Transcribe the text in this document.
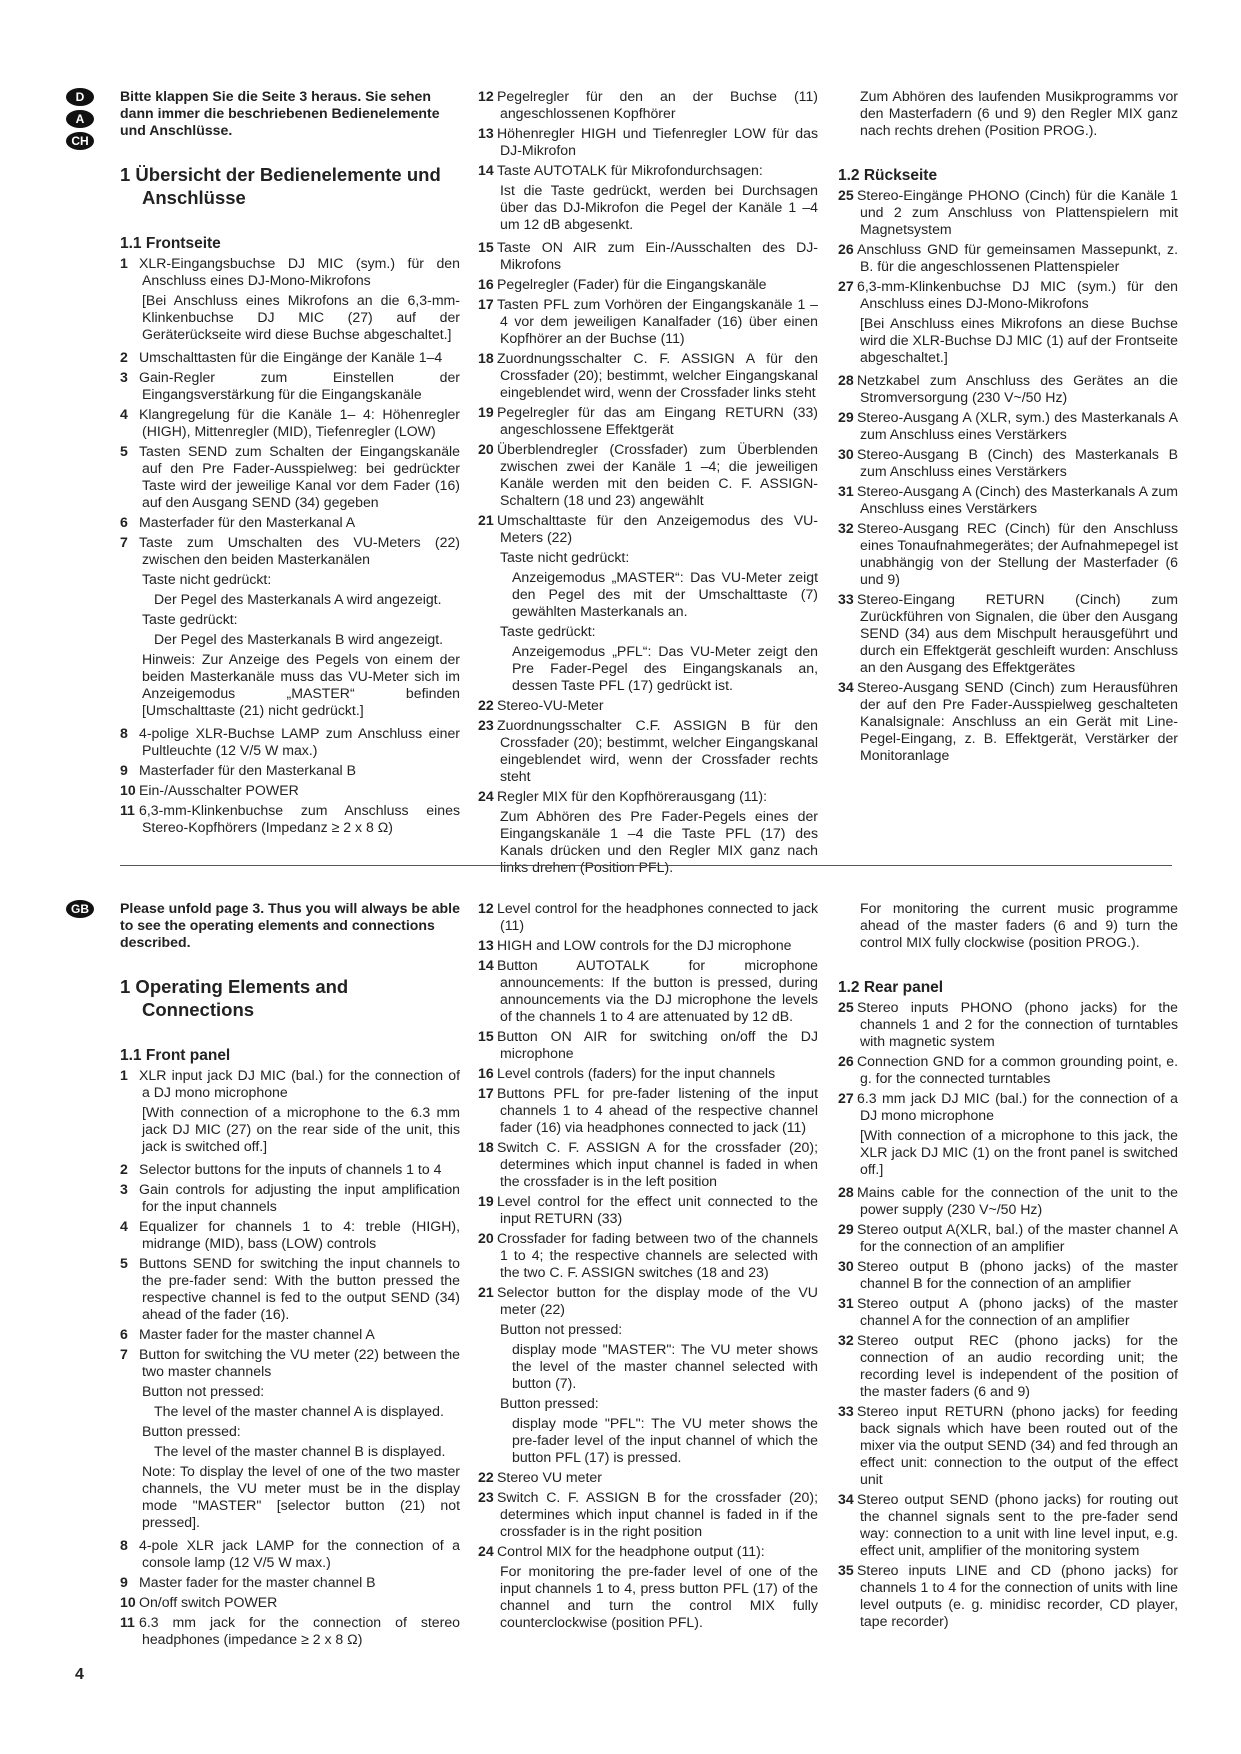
D
A
CH
GB

Bitte klappen Sie die Seite 3 heraus. Sie sehen dann immer die beschriebenen Bedienelemente und Anschlüsse.

1 Übersicht der Bedienelemente und Anschlüsse
1.1 Frontseite
1 XLR-Eingangsbuchse DJ MIC (sym.) für den Anschluss eines DJ-Mono-Mikrofons
[Bei Anschluss eines Mikrofons an die 6,3-mm-Klinkenbuchse DJ MIC (27) auf der Geräterückseite wird diese Buchse abgeschaltet.]
2 Umschalttasten für die Eingänge der Kanäle 1–4
3 Gain-Regler zum Einstellen der Eingangsverstärkung für die Eingangskanäle
4 Klangregelung für die Kanäle 1– 4: Höhenregler (HIGH), Mittenregler (MID), Tiefenregler (LOW)
5 Tasten SEND zum Schalten der Eingangskanäle auf den Pre Fader-Ausspielweg: bei gedrückter Taste wird der jeweilige Kanal vor dem Fader (16) auf den Ausgang SEND (34) gegeben
6 Masterfader für den Masterkanal A
7 Taste zum Umschalten des VU-Meters (22) zwischen den beiden Masterkanälen
Taste nicht gedrückt:
Der Pegel des Masterkanals A wird angezeigt.
Taste gedrückt:
Der Pegel des Masterkanals B wird angezeigt.
Hinweis: Zur Anzeige des Pegels von einem der beiden Masterkanäle muss das VU-Meter sich im Anzeigemodus „MASTER“ befinden [Umschalttaste (21) nicht gedrückt.]
8 4-polige XLR-Buchse LAMP zum Anschluss einer Pultleuchte (12 V/5 W max.)
9 Masterfader für den Masterkanal B
10 Ein-/Ausschalter POWER
11 6,3-mm-Klinkenbuchse zum Anschluss eines Stereo-Kopfhörers (Impedanz ≥ 2 x 8 Ω)
12 Pegelregler für den an der Buchse (11) angeschlossenen Kopfhörer
13 Höhenregler HIGH und Tiefenregler LOW für das DJ-Mikrofon
14 Taste AUTOTALK für Mikrofondurchsagen:
Ist die Taste gedrückt, werden bei Durchsagen über das DJ-Mikrofon die Pegel der Kanäle 1 –4 um 12 dB abgesenkt.
15 Taste ON AIR zum Ein-/Ausschalten des DJ-Mikrofons
16 Pegelregler (Fader) für die Eingangskanäle
17 Tasten PFL zum Vorhören der Eingangskanäle 1 –4 vor dem jeweiligen Kanalfader (16) über einen Kopfhörer an der Buchse (11)
18 Zuordnungsschalter C. F. ASSIGN A für den Crossfader (20); bestimmt, welcher Eingangskanal eingeblendet wird, wenn der Crossfader links steht
19 Pegelregler für das am Eingang RETURN (33) angeschlossene Effektgerät
20 Überblendregler (Crossfader) zum Überblenden zwischen zwei der Kanäle 1 –4; die jeweiligen Kanäle werden mit den beiden C. F. ASSIGN-Schaltern (18 und 23) angewählt
21 Umschalttaste für den Anzeigemodus des VU-Meters (22)
Taste nicht gedrückt:
Anzeigemodus „MASTER“: Das VU-Meter zeigt den Pegel des mit der Umschalttaste (7) gewählten Masterkanals an.
Taste gedrückt:
Anzeigemodus „PFL“: Das VU-Meter zeigt den Pre Fader-Pegel des Eingangskanals an, dessen Taste PFL (17) gedrückt ist.
22 Stereo-VU-Meter
23 Zuordnungsschalter C.F. ASSIGN B für den Crossfader (20); bestimmt, welcher Eingangskanal eingeblendet wird, wenn der Crossfader rechts steht
24 Regler MIX für den Kopfhörerausgang (11):
Zum Abhören des Pre Fader-Pegels eines der Eingangskanäle 1 –4 die Taste PFL (17) des Kanals drücken und den Regler MIX ganz nach links drehen (Position PFL).
Zum Abhören des laufenden Musikprogramms vor den Masterfadern (6 und 9) den Regler MIX ganz nach rechts drehen (Position PROG.).
1.2 Rückseite
25 Stereo-Eingänge PHONO (Cinch) für die Kanäle 1 und 2 zum Anschluss von Plattenspielern mit Magnetsystem
26 Anschluss GND für gemeinsamen Massepunkt, z. B. für die angeschlossenen Plattenspieler
27 6,3-mm-Klinkenbuchse DJ MIC (sym.) für den Anschluss eines DJ-Mono-Mikrofons
[Bei Anschluss eines Mikrofons an diese Buchse wird die XLR-Buchse DJ MIC (1) auf der Frontseite abgeschaltet.]
28 Netzkabel zum Anschluss des Gerätes an die Stromversorgung (230 V~/50 Hz)
29 Stereo-Ausgang A (XLR, sym.) des Masterkanals A zum Anschluss eines Verstärkers
30 Stereo-Ausgang B (Cinch) des Masterkanals B zum Anschluss eines Verstärkers
31 Stereo-Ausgang A (Cinch) des Masterkanals A zum Anschluss eines Verstärkers
32 Stereo-Ausgang REC (Cinch) für den Anschluss eines Tonaufnahmegerätes; der Aufnahmepegel ist unabhängig von der Stellung der Masterfader (6 und 9)
33 Stereo-Eingang RETURN (Cinch) zum Zurückführen von Signalen, die über den Ausgang SEND (34) aus dem Mischpult herausgeführt und durch ein Effektgerät geschleift wurden: Anschluss an den Ausgang des Effektgerätes
34 Stereo-Ausgang SEND (Cinch) zum Herausführen der auf den Pre Fader-Ausspielweg geschalteten Kanalsignale: Anschluss an ein Gerät mit Line-Pegel-Eingang, z. B. Effektgerät, Verstärker der Monitoranlage

Please unfold page 3. Thus you will always be able to see the operating elements and connections described.

1 Operating Elements and Connections
1.1 Front panel
1 XLR input jack DJ MIC (bal.) for the connection of a DJ mono microphone
[With connection of a microphone to the 6.3 mm jack DJ MIC (27) on the rear side of the unit, this jack is switched off.]
2 Selector buttons for the inputs of channels 1 to 4
3 Gain controls for adjusting the input amplification for the input channels
4 Equalizer for channels 1 to 4: treble (HIGH), midrange (MID), bass (LOW) controls
5 Buttons SEND for switching the input channels to the pre-fader send: With the button pressed the respective channel is fed to the output SEND (34) ahead of the fader (16).
6 Master fader for the master channel A
7 Button for switching the VU meter (22) between the two master channels
Button not pressed:
The level of the master channel A is displayed.
Button pressed:
The level of the master channel B is displayed.
Note: To display the level of one of the two master channels, the VU meter must be in the display mode "MASTER" [selector button (21) not pressed].
8 4-pole XLR jack LAMP for the connection of a console lamp (12 V/5 W max.)
9 Master fader for the master channel B
10 On/off switch POWER
11 6.3 mm jack for the connection of stereo headphones (impedance ≥ 2 x 8 Ω)
12 Level control for the headphones connected to jack (11)
13 HIGH and LOW controls for the DJ microphone
14 Button AUTOTALK for microphone announcements: If the button is pressed, during announcements via the DJ microphone the levels of the channels 1 to 4 are attenuated by 12 dB.
15 Button ON AIR for switching on/off the DJ microphone
16 Level controls (faders) for the input channels
17 Buttons PFL for pre-fader listening of the input channels 1 to 4 ahead of the respective channel fader (16) via headphones connected to jack (11)
18 Switch C. F. ASSIGN A for the crossfader (20); determines which input channel is faded in when the crossfader is in the left position
19 Level control for the effect unit connected to the input RETURN (33)
20 Crossfader for fading between two of the channels 1 to 4; the respective channels are selected with the two C. F. ASSIGN switches (18 and 23)
21 Selector button for the display mode of the VU meter (22)
Button not pressed:
display mode "MASTER": The VU meter shows the level of the master channel selected with button (7).
Button pressed:
display mode "PFL": The VU meter shows the pre-fader level of the input channel of which the button PFL (17) is pressed.
22 Stereo VU meter
23 Switch C. F. ASSIGN B for the crossfader (20); determines which input channel is faded in if the crossfader is in the right position
24 Control MIX for the headphone output (11):
For monitoring the pre-fader level of one of the input channels 1 to 4, press button PFL (17) of the channel and turn the control MIX fully counterclockwise (position PFL).
For monitoring the current music programme ahead of the master faders (6 and 9) turn the control MIX fully clockwise (position PROG.).
1.2 Rear panel
25 Stereo inputs PHONO (phono jacks) for the channels 1 and 2 for the connection of turntables with magnetic system
26 Connection GND for a common grounding point, e. g. for the connected turntables
27 6.3 mm jack DJ MIC (bal.) for the connection of a DJ mono microphone
[With connection of a microphone to this jack, the XLR jack DJ MIC (1) on the front panel is switched off.]
28 Mains cable for the connection of the unit to the power supply (230 V~/50 Hz)
29 Stereo output A(XLR, bal.) of the master channel A for the connection of an amplifier
30 Stereo output B (phono jacks) of the master channel B for the connection of an amplifier
31 Stereo output A (phono jacks) of the master channel A for the connection of an amplifier
32 Stereo output REC (phono jacks) for the connection of an audio recording unit; the recording level is independent of the position of the master faders (6 and 9)
33 Stereo input RETURN (phono jacks) for feeding back signals which have been routed out of the mixer via the output SEND (34) and fed through an effect unit: connection to the output of the effect unit
34 Stereo output SEND (phono jacks) for routing out the channel signals sent to the pre-fader send way: connection to a unit with line level input, e.g. effect unit, amplifier of the monitoring system
35 Stereo inputs LINE and CD (phono jacks) for channels 1 to 4 for the connection of units with line level outputs (e. g. minidisc recorder, CD player, tape recorder)
4
